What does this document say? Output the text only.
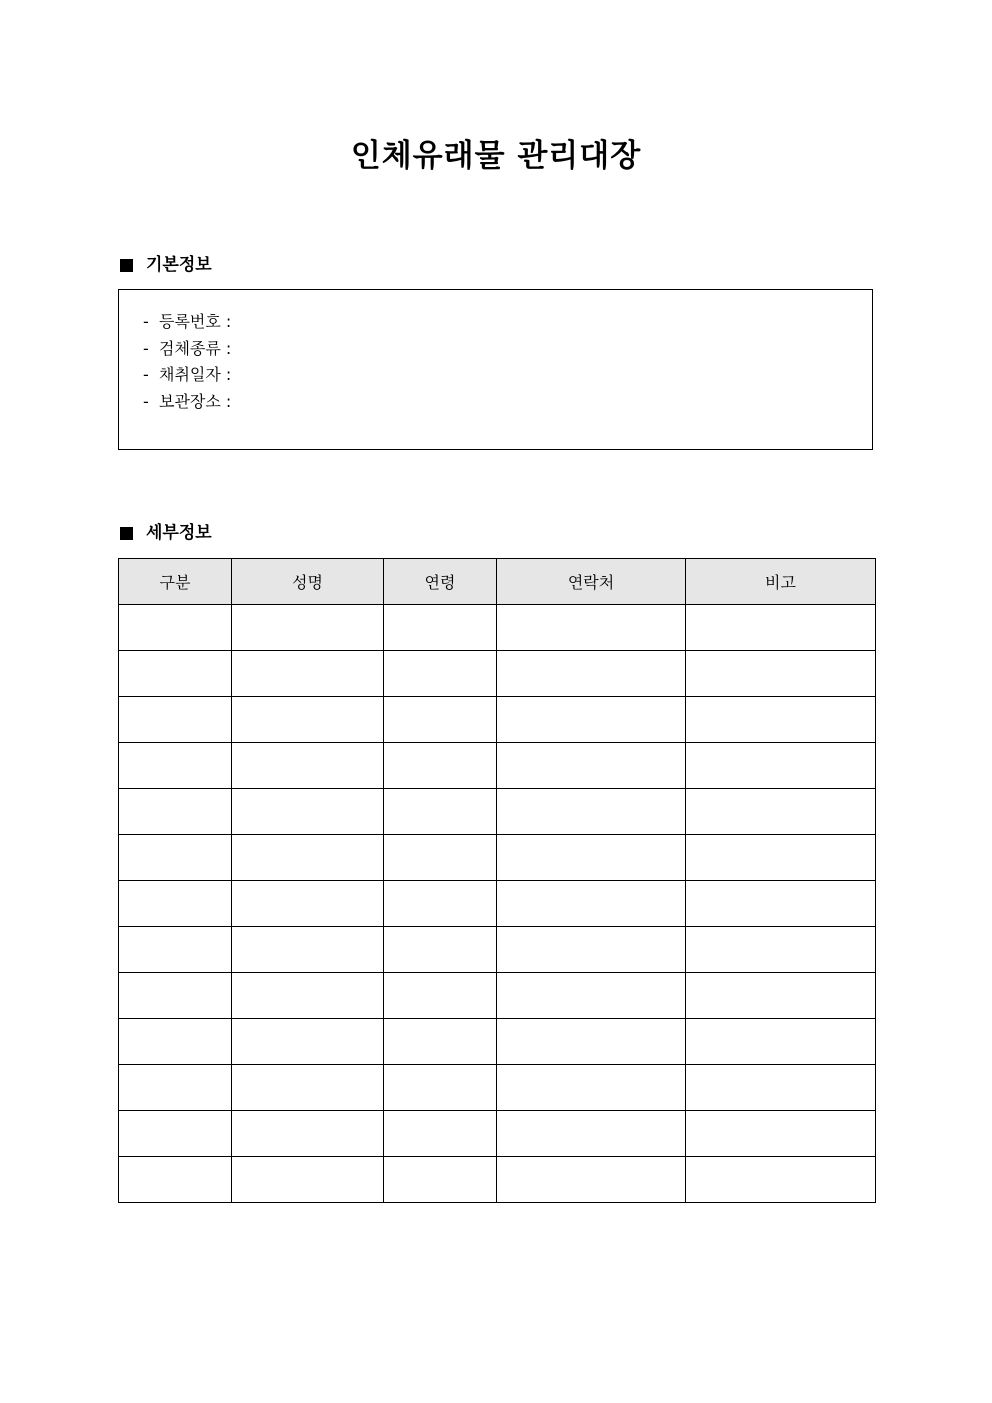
인체유래물 관리대장
기본정보
- 등록번호 :
- 검체종류 :
- 채취일자 :
- 보관장소 :
세부정보
구분	성명	연령	연락처	비고
